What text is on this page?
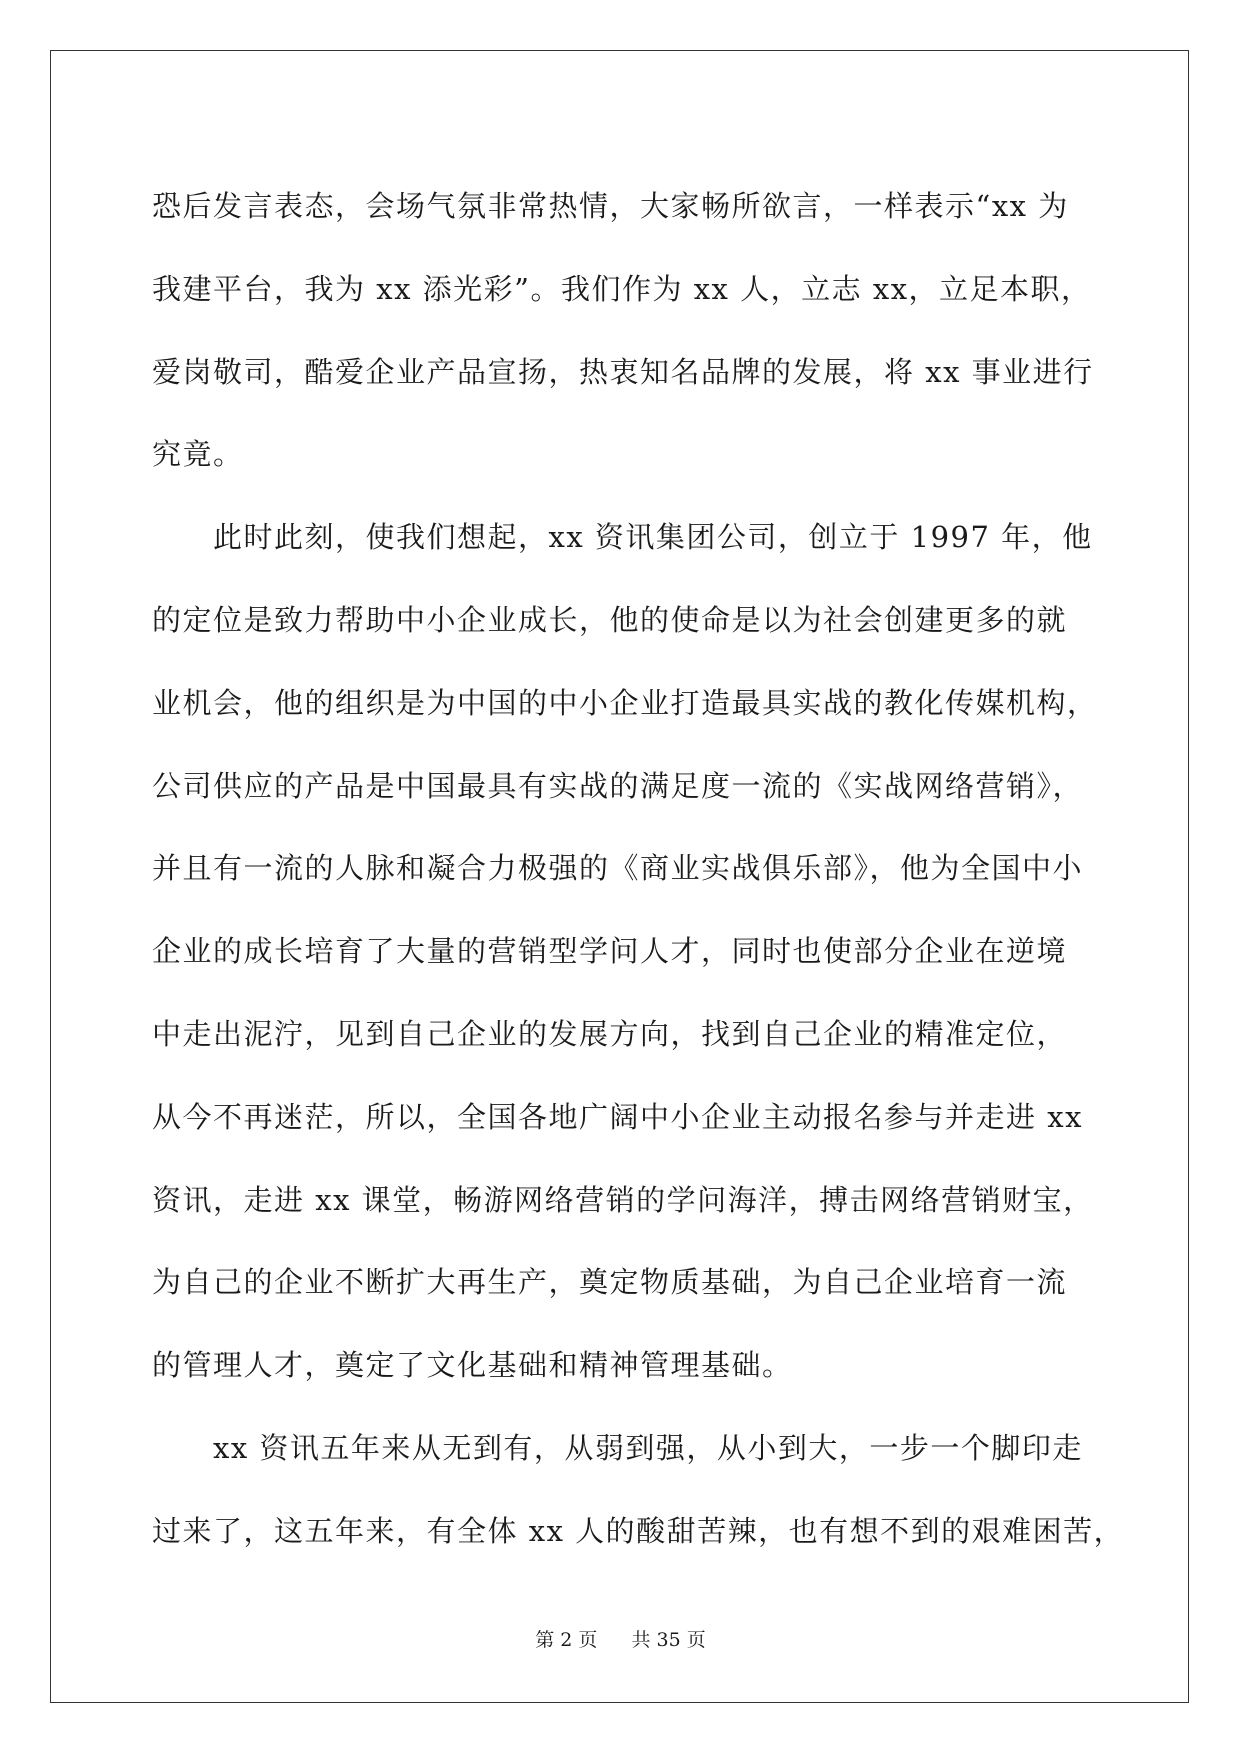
恐后发言表态，会场气氛非常热情，大家畅所欲言，一样表示“xx 为
我建平台，我为 xx 添光彩”。我们作为 xx 人，立志 xx，立足本职，
爱岗敬司，酷爱企业产品宣扬，热衷知名品牌的发展，将 xx 事业进行
究竟。
　　此时此刻，使我们想起，xx 资讯集团公司，创立于 1997 年，他
的定位是致力帮助中小企业成长，他的使命是以为社会创建更多的就
业机会，他的组织是为中国的中小企业打造最具实战的教化传媒机构，
公司供应的产品是中国最具有实战的满足度一流的《实战网络营销》，
并且有一流的人脉和凝合力极强的《商业实战俱乐部》，他为全国中小
企业的成长培育了大量的营销型学问人才，同时也使部分企业在逆境
中走出泥泞，见到自己企业的发展方向，找到自己企业的精准定位，
从今不再迷茫，所以，全国各地广阔中小企业主动报名参与并走进 xx
资讯，走进 xx 课堂，畅游网络营销的学问海洋，搏击网络营销财宝，
为自己的企业不断扩大再生产，奠定物质基础，为自己企业培育一流
的管理人才，奠定了文化基础和精神管理基础。
　　xx 资讯五年来从无到有，从弱到强，从小到大，一步一个脚印走
过来了，这五年来，有全体 xx 人的酸甜苦辣，也有想不到的艰难困苦，
第 2 页 共 35 页
